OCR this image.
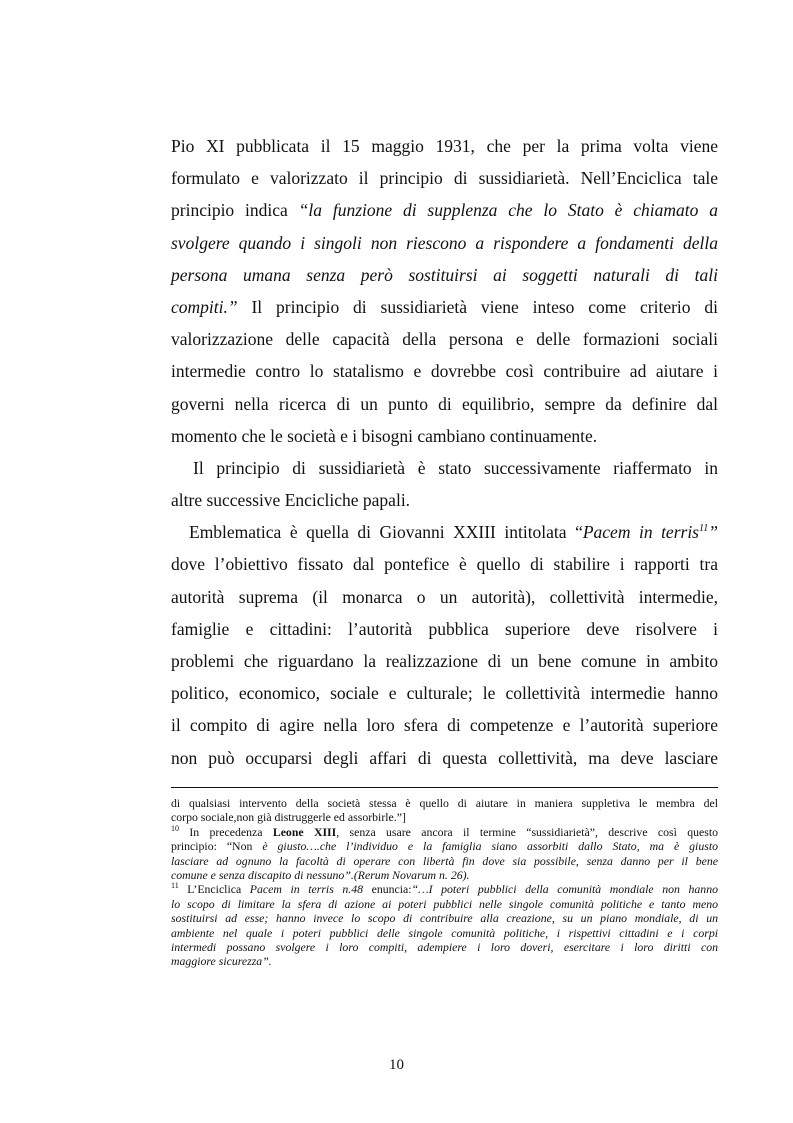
Pio XI pubblicata il 15 maggio 1931, che per la prima volta viene
formulato e valorizzato il principio di sussidiarietà. Nell’Enciclica tale
principio indica “la funzione di supplenza che lo Stato è chiamato a
svolgere quando i singoli non riescono a rispondere a fondamenti della
persona umana senza però sostituirsi ai soggetti naturali di tali
compiti.” Il principio di sussidiarietà viene inteso come criterio di
valorizzazione delle capacità della persona e delle formazioni sociali
intermedie contro lo statalismo e dovrebbe così contribuire ad aiutare i
governi nella ricerca di un punto di equilibrio, sempre da definire dal
momento che le società e i bisogni cambiano continuamente.
Il principio di sussidiarietà è stato successivamente riaffermato in
altre successive Encicliche papali.
Emblematica è quella di Giovanni XXIII intitolata “Pacem in terris$^{11}$”
dove l’obiettivo fissato dal pontefice è quello di stabilire i rapporti tra
autorità suprema (il monarca o un autorità), collettività intermedie,
famiglie e cittadini: l’autorità pubblica superiore deve risolvere i
problemi che riguardano la realizzazione di un bene comune in ambito
politico, economico, sociale e culturale; le collettività intermedie hanno
il compito di agire nella loro sfera di competenze e l’autorità superiore
non può occuparsi degli affari di questa collettività, ma deve lasciare
di qualsiasi intervento della società stessa è quello di aiutare in maniera suppletiva le membra del
corpo sociale,non già distruggerle ed assorbirle.”]
$^{10}$ In precedenza Leone XIII, senza usare ancora il termine “sussidiarietà”, descrive così questo
principio: “Non è giusto….che l’individuo e la famiglia siano assorbiti dallo Stato, ma è giusto
lasciare ad ognuno la facoltà di operare con libertà fin dove sia possibile, senza danno per il bene
comune e senza discapito di nessuno”.(Rerum Novarum n. 26).
$^{11}$ L’Enciclica Pacem in terris n.48 enuncia:“…I poteri pubblici della comunità mondiale non hanno
lo scopo di limitare la sfera di azione ai poteri pubblici nelle singole comunità politiche e tanto meno
sostituirsi ad esse; hanno invece lo scopo di contribuire alla creazione, su un piano mondiale, di un
ambiente nel quale i poteri pubblici delle singole comunità politiche, i rispettivi cittadini e i corpi
intermedi possano svolgere i loro compiti, adempiere i loro doveri, esercitare i loro diritti con
maggiore sicurezza”.
10
